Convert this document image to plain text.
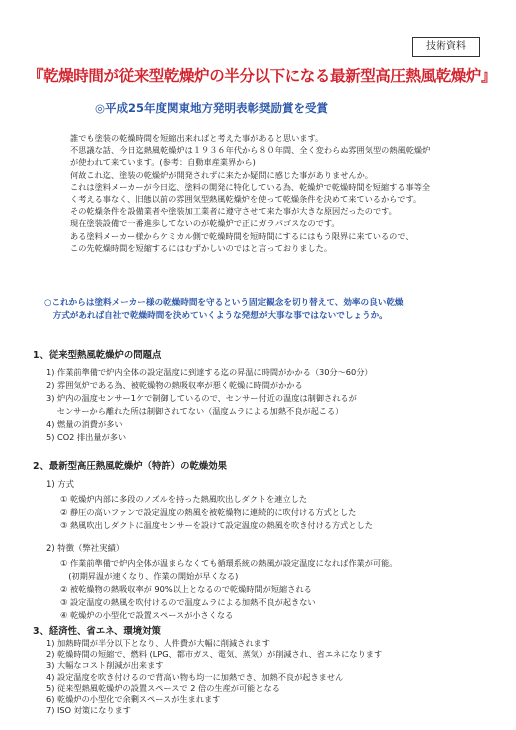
技術資料
『乾燥時間が従来型乾燥炉の半分以下になる最新型高圧熱風乾燥炉』
◎平成25年度関東地方発明表彰奨励賞を受賞
誰でも塗装の乾燥時間を短縮出来ればと考えた事があると思います。
不思議な話、今日迄熱風乾燥炉は１９３６年代から８０年間、全く変わらぬ雰囲気型の熱風乾燥炉
が使われて来ています。(参考：自動車産業界から)
何故これ迄、塗装の乾燥炉が開発されずに来たか疑問に感じた事がありませんか。
これは塗料メーカーが今日迄、塗料の開発に特化している為、乾燥炉で乾燥時間を短縮する事等全
く考える事なく、旧態以前の雰囲気型熱風乾燥炉を使って乾燥条件を決めて来ているからです。
その乾燥条件を設備業者や塗装加工業者に遵守させて来た事が大きな原因だったのです。
現在塗装設備で一番進歩してないのが乾燥炉で正にガラパゴスなのです。
ある塗料メーカー様からケミカル側で乾燥時間を短時間にするにはもう限界に来ているので、
この先乾燥時間を短縮するにはむずかしいのではと言っておりました。
○これからは塗料メーカー様の乾燥時間を守るという固定観念を切り替えて、効率の良い乾燥
　方式があれば自社で乾燥時間を決めていくような発想が大事な事ではないでしょうか。
1、従来型熱風乾燥炉の問題点
1) 作業前準備で炉内全体の設定温度に到達する迄の昇温に時間がかかる（30分～60分）
2) 雰囲気炉である為、被乾燥物の熱吸収率が悪く乾燥に時間がかかる
3) 炉内の温度センサー1ケで制御しているので、センサー付近の温度は制御されるが
　 センサーから離れた所は制御されてない（温度ムラによる加熱不良が起こる）
4) 燃量の消費が多い
5) CO2 排出量が多い
2、最新型高圧熱風乾燥炉（特許）の乾燥効果
1) 方式
① 乾燥炉内部に多段のノズルを持った熱風吹出しダクトを連立した
② 静圧の高いファンで設定温度の熱風を被乾燥物に連続的に吹付ける方式とした
③ 熱風吹出しダクトに温度センサーを設けて設定温度の熱風を吹き付ける方式とした
2) 特徴（弊社実績）
① 作業前準備で炉内全体が温まらなくても循環系統の熱風が設定温度になれば作業が可能。
　(初期昇温が速くなり、作業の開始が早くなる)
② 被乾燥物の熱吸収率が 90%以上となるので乾燥時間が短縮される
③ 設定温度の熱風を吹付けるので温度ムラによる加熱不良が起きない
④ 乾燥炉の小型化で設置スペースが小さくなる
3、経済性、省エネ、環境対策
1) 加熱時間が半分以下となり、人件費が大幅に削減されます
2) 乾燥時間の短縮で、燃料 (LPG、都市ガス、電気、蒸気）が削減され、省エネになります
3) 大幅なコスト削減が出来ます
4) 設定温度を吹き付けるので背高い物も均一に加熱でき、加熱不良が起きません
5) 従来型熱風乾燥炉の設置スペースで 2 倍の生産が可能となる
6) 乾燥炉の小型化で余剰スペースが生まれます
7) ISO 対策になります
